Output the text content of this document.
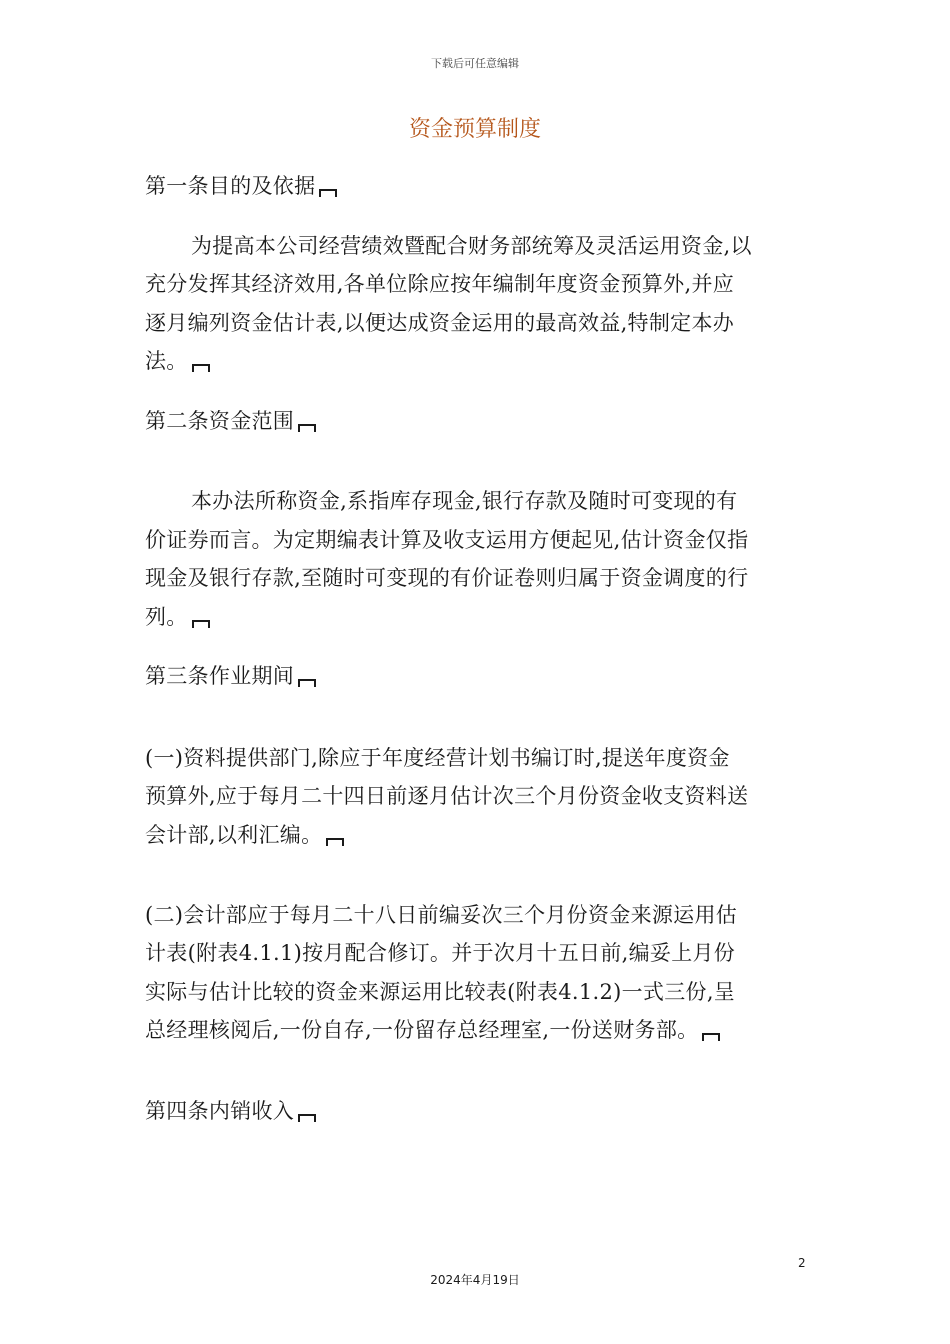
下载后可任意编辑
资金预算制度
第一条目的及依据
为提高本公司经营绩效暨配合财务部统筹及灵活运用资金,以
充分发挥其经济效用,各单位除应按年编制年度资金预算外,并应
逐月编列资金估计表,以便达成资金运用的最高效益,特制定本办
法。
第二条资金范围
本办法所称资金,系指库存现金,银行存款及随时可变现的有
价证券而言。为定期编表计算及收支运用方便起见,估计资金仅指
现金及银行存款,至随时可变现的有价证卷则归属于资金调度的行
列。
第三条作业期间
(一)资料提供部门,除应于年度经营计划书编订时,提送年度资金
预算外,应于每月二十四日前逐月估计次三个月份资金收支资料送
会计部,以利汇编。
(二)会计部应于每月二十八日前编妥次三个月份资金来源运用估
计表(附表4.1.1)按月配合修订。并于次月十五日前,编妥上月份
实际与估计比较的资金来源运用比较表(附表4.1.2)一式三份,呈
总经理核阅后,一份自存,一份留存总经理室,一份送财务部。
第四条内销收入
2
2024年4月19日
